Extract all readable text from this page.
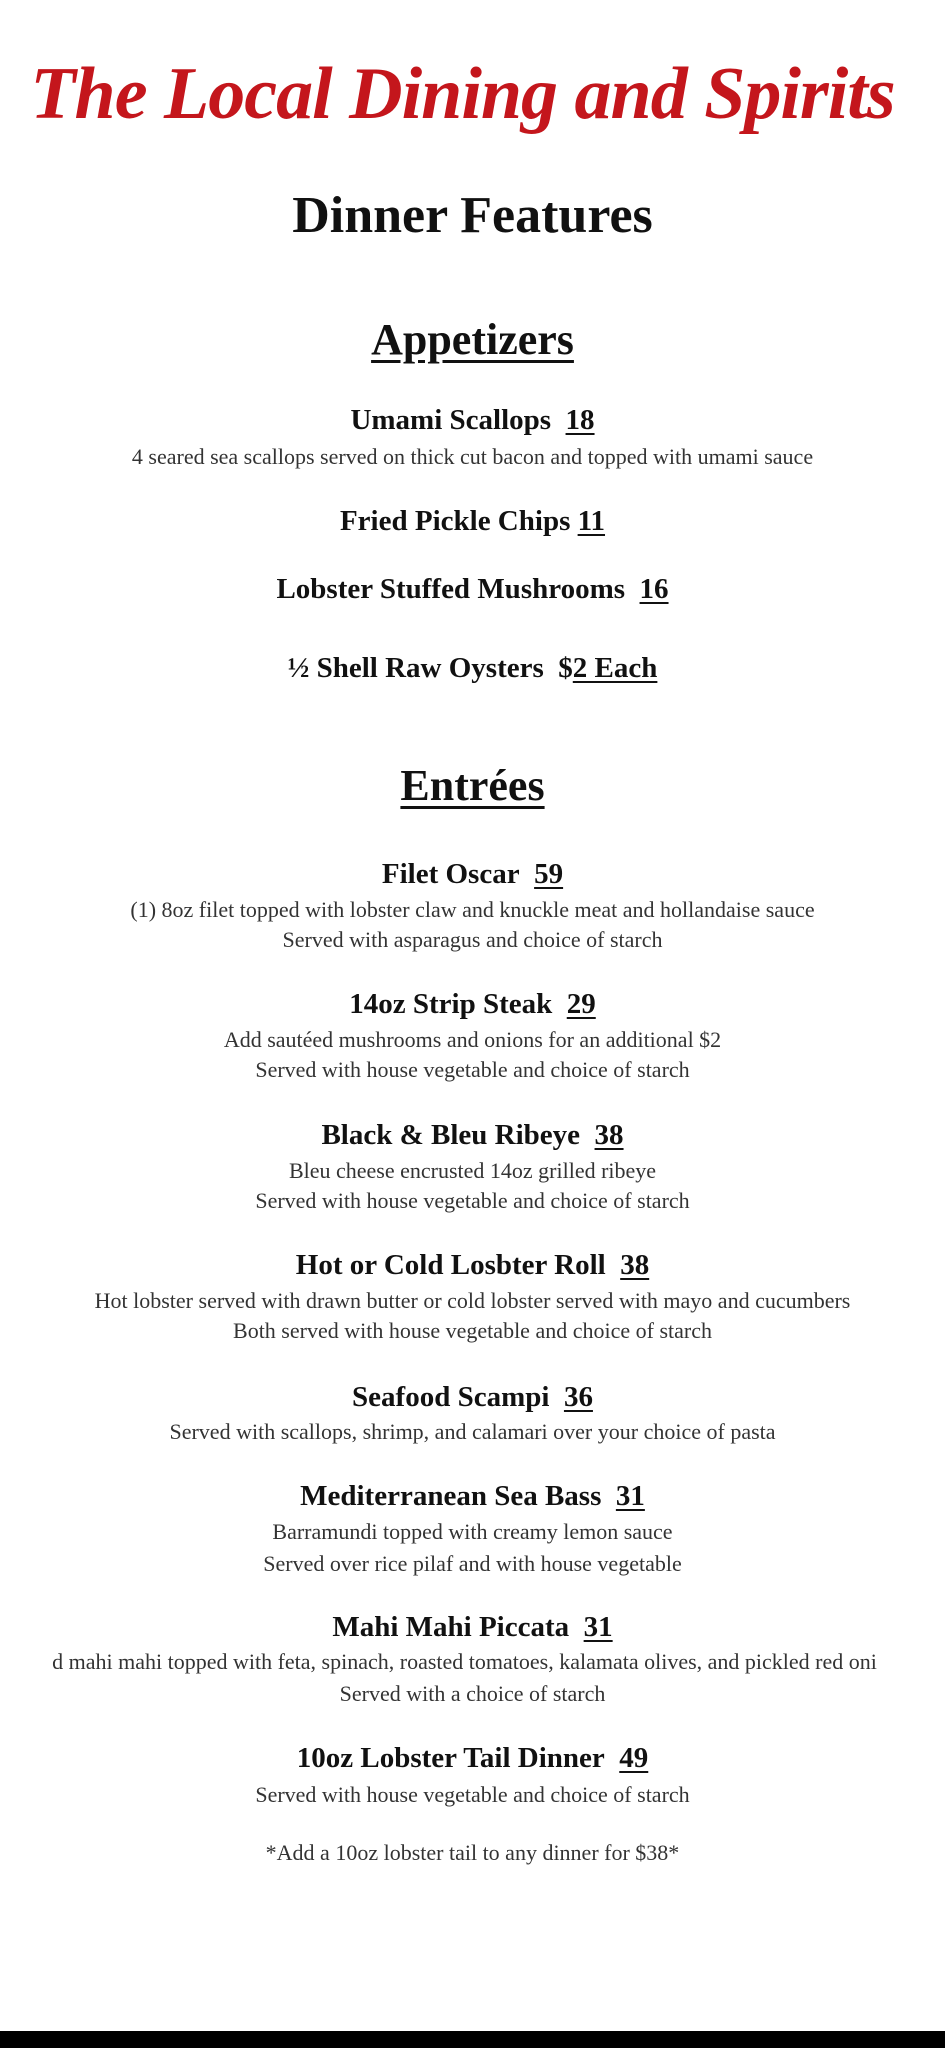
The Local Dining and Spirits
Dinner Features
Appetizers
Umami Scallops 18
4 seared sea scallops served on thick cut bacon and topped with umami sauce
Fried Pickle Chips 11
Lobster Stuffed Mushrooms 16
½ Shell Raw Oysters $2 Each
Entrées
Filet Oscar 59
(1) 8oz filet topped with lobster claw and knuckle meat and hollandaise sauce
Served with asparagus and choice of starch
14oz Strip Steak 29
Add sautéed mushrooms and onions for an additional $2
Served with house vegetable and choice of starch
Black & Bleu Ribeye 38
Bleu cheese encrusted 14oz grilled ribeye
Served with house vegetable and choice of starch
Hot or Cold Losbter Roll 38
Hot lobster served with drawn butter or cold lobster served with mayo and cucumbers
Both served with house vegetable and choice of starch
Seafood Scampi 36
Served with scallops, shrimp, and calamari over your choice of pasta
Mediterranean Sea Bass 31
Barramundi topped with creamy lemon sauce
Served over rice pilaf and with house vegetable
Mahi Mahi Piccata 31
d mahi mahi topped with feta, spinach, roasted tomatoes, kalamata olives, and pickled red oni
Served with a choice of starch
10oz Lobster Tail Dinner 49
Served with house vegetable and choice of starch
*Add a 10oz lobster tail to any dinner for $38*
